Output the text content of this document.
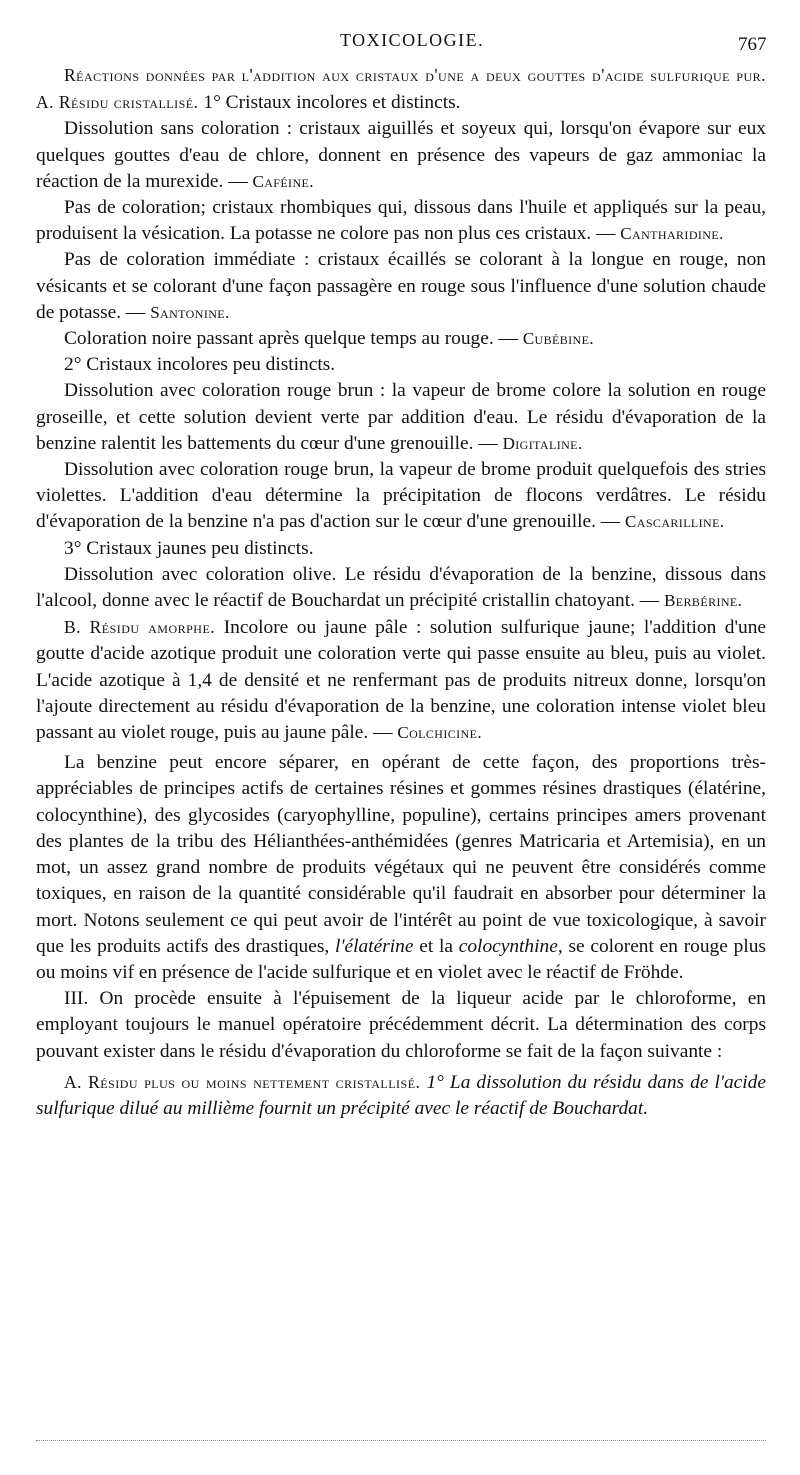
TOXICOLOGIE.	767

Réactions données par l'addition aux cristaux d'une a deux gouttes d'acide sulfurique pur. A. Résidu cristallisé. 1° Cristaux incolores et distincts.

Dissolution sans coloration : cristaux aiguillés et soyeux qui, lorsqu'on évapore sur eux quelques gouttes d'eau de chlore, donnent en présence des vapeurs de gaz ammoniac la réaction de la murexide. — Caféine.

Pas de coloration; cristaux rhombiques qui, dissous dans l'huile et appliqués sur la peau, produisent la vésication. La potasse ne colore pas non plus ces cristaux. — Cantharidine.

Pas de coloration immédiate : cristaux écaillés se colorant à la longue en rouge, non vésicants et se colorant d'une façon passagère en rouge sous l'influence d'une solution chaude de potasse. — Santonine.

Coloration noire passant après quelque temps au rouge. — Cubébine.

2° Cristaux incolores peu distincts.

Dissolution avec coloration rouge brun : la vapeur de brome colore la solution en rouge groseille, et cette solution devient verte par addition d'eau. Le résidu d'évaporation de la benzine ralentit les battements du cœur d'une grenouille. — Digitaline.

Dissolution avec coloration rouge brun, la vapeur de brome produit quelquefois des stries violettes. L'addition d'eau détermine la précipitation de flocons verdâtres. Le résidu d'évaporation de la benzine n'a pas d'action sur le cœur d'une grenouille. — Cascarilline.

3° Cristaux jaunes peu distincts.

Dissolution avec coloration olive. Le résidu d'évaporation de la benzine, dissous dans l'alcool, donne avec le réactif de Bouchardat un précipité cristallin chatoyant. — Berbérine.

B. Résidu amorphe. Incolore ou jaune pâle : solution sulfurique jaune; l'addition d'une goutte d'acide azotique produit une coloration verte qui passe ensuite au bleu, puis au violet. L'acide azotique à 1,4 de densité et ne renfermant pas de produits nitreux donne, lorsqu'on l'ajoute directement au résidu d'évaporation de la benzine, une coloration intense violet bleu passant au violet rouge, puis au jaune pâle. — Colchicine.

La benzine peut encore séparer, en opérant de cette façon, des proportions très-appréciables de principes actifs de certaines résines et gommes résines drastiques (élatérine, colocynthine), des glycosides (caryophylline, populine), certains principes amers provenant des plantes de la tribu des Hélianthées-anthémidées (genres Matricaria et Artemisia), en un mot, un assez grand nombre de produits végétaux qui ne peuvent être considérés comme toxiques, en raison de la quantité considérable qu'il faudrait en absorber pour déterminer la mort. Notons seulement ce qui peut avoir de l'intérêt au point de vue toxicologique, à savoir que les produits actifs des drastiques, l'élatérine et la colocynthine, se colorent en rouge plus ou moins vif en présence de l'acide sulfurique et en violet avec le réactif de Fröhde.

III. On procède ensuite à l'épuisement de la liqueur acide par le chloroforme, en employant toujours le manuel opératoire précédemment décrit. La détermination des corps pouvant exister dans le résidu d'évaporation du chloroforme se fait de la façon suivante :

A. Résidu plus ou moins nettement cristallisé. 1° La dissolution du résidu dans de l'acide sulfurique dilué au millième fournit un précipité avec le réactif de Bouchardat.
